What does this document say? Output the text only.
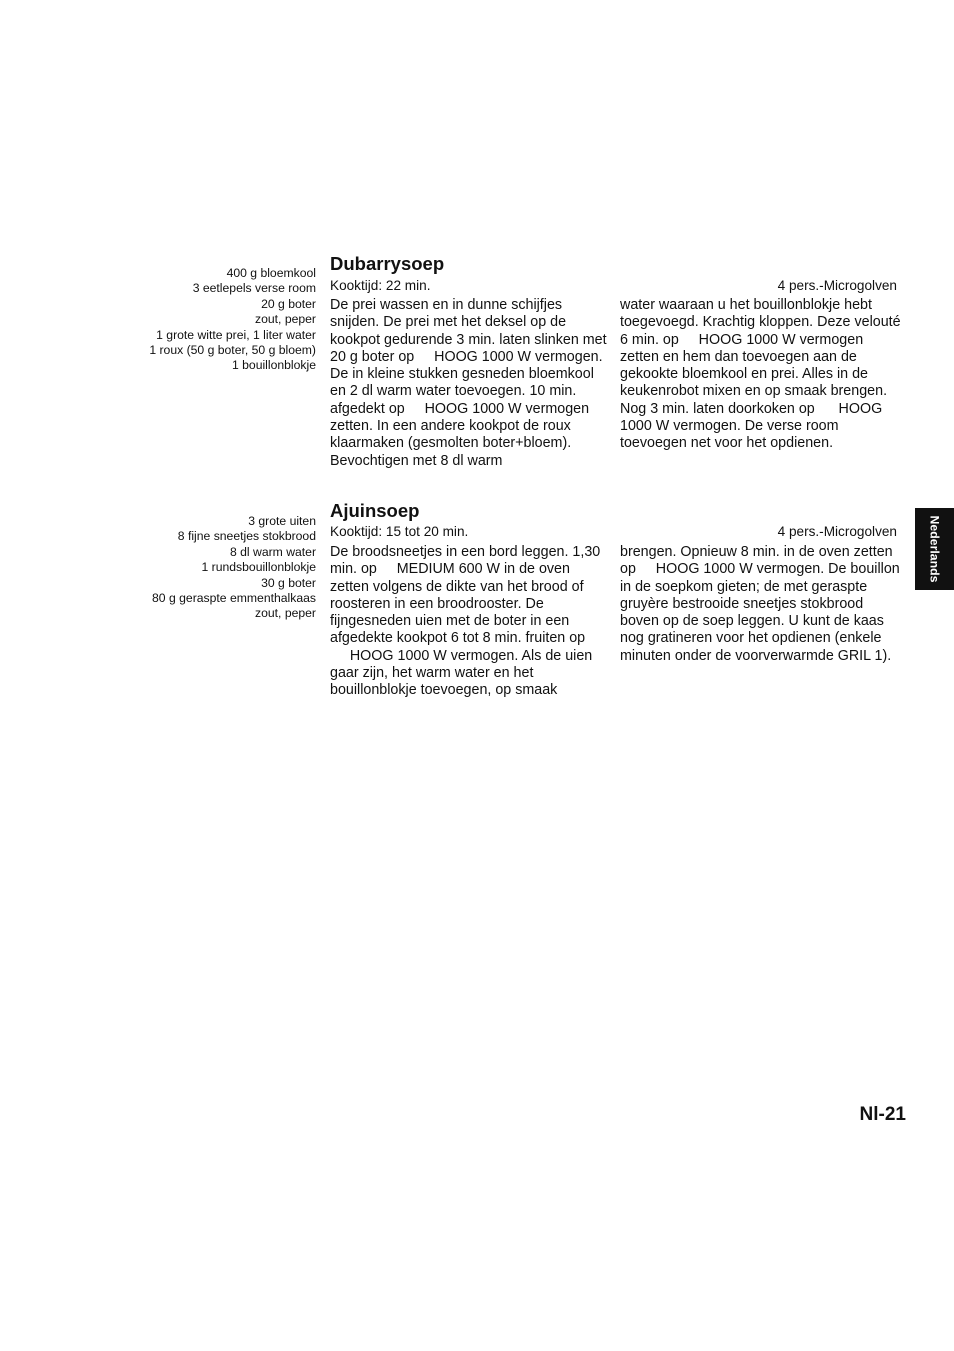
400 g bloemkool
3 eetlepels verse room
20 g boter
zout, peper
1 grote witte prei, 1 liter water
1 roux (50 g boter, 50 g bloem)
1 bouillonblokje
Dubarrysoep
Kooktijd: 22 min.	4 pers.-Microgolven

De prei wassen en in dunne schijfjes snijden. De prei met het deksel op de kookpot gedurende 3 min. laten slinken met 20 g boter op     HOOG 1000 W vermogen. De in kleine stukken gesneden bloemkool en 2 dl warm water toevoegen. 10 min. afgedekt op     HOOG 1000 W vermogen zetten. In een andere kookpot de roux klaarmaken (gesmolten boter+bloem). Bevochtigen met 8 dl warm

water waaraan u het bouillonblokje hebt toegevoegd. Krachtig kloppen. Deze velouté 6 min. op     HOOG 1000 W vermogen zetten en hem dan toevoegen aan de gekookte bloemkool en prei. Alles in de keukenrobot mixen en op smaak brengen. Nog 3 min. laten doorkoken op      HOOG 1000 W vermogen. De verse room toevoegen net voor het opdienen.

3 grote uiten
8 fijne sneetjes stokbrood
8 dl warm water
1 rundsbouillonblokje
30 g boter
80 g geraspte emmenthalkaas
zout, peper
Ajuinsoep
Kooktijd: 15 tot 20 min.	4 pers.-Microgolven

De broodsneetjes in een bord leggen. 1,30 min. op     MEDIUM 600 W in de oven zetten volgens de dikte van het brood of roosteren in een broodrooster. De fijngesneden uien met de boter in een afgedekte kookpot 6 tot 8 min. fruiten op      HOOG 1000 W vermogen. Als de uien gaar zijn, het warm water en het bouillonblokje toevoegen, op smaak

brengen. Opnieuw 8 min. in de oven zetten op     HOOG 1000 W vermogen. De bouillon in de soepkom gieten; de met geraspte gruyère bestrooide sneetjes stokbrood boven op de soep leggen. U kunt de kaas nog gratineren voor het opdienen (enkele minuten onder de voorverwarmde GRIL 1).

Nederlands
Nl-21
